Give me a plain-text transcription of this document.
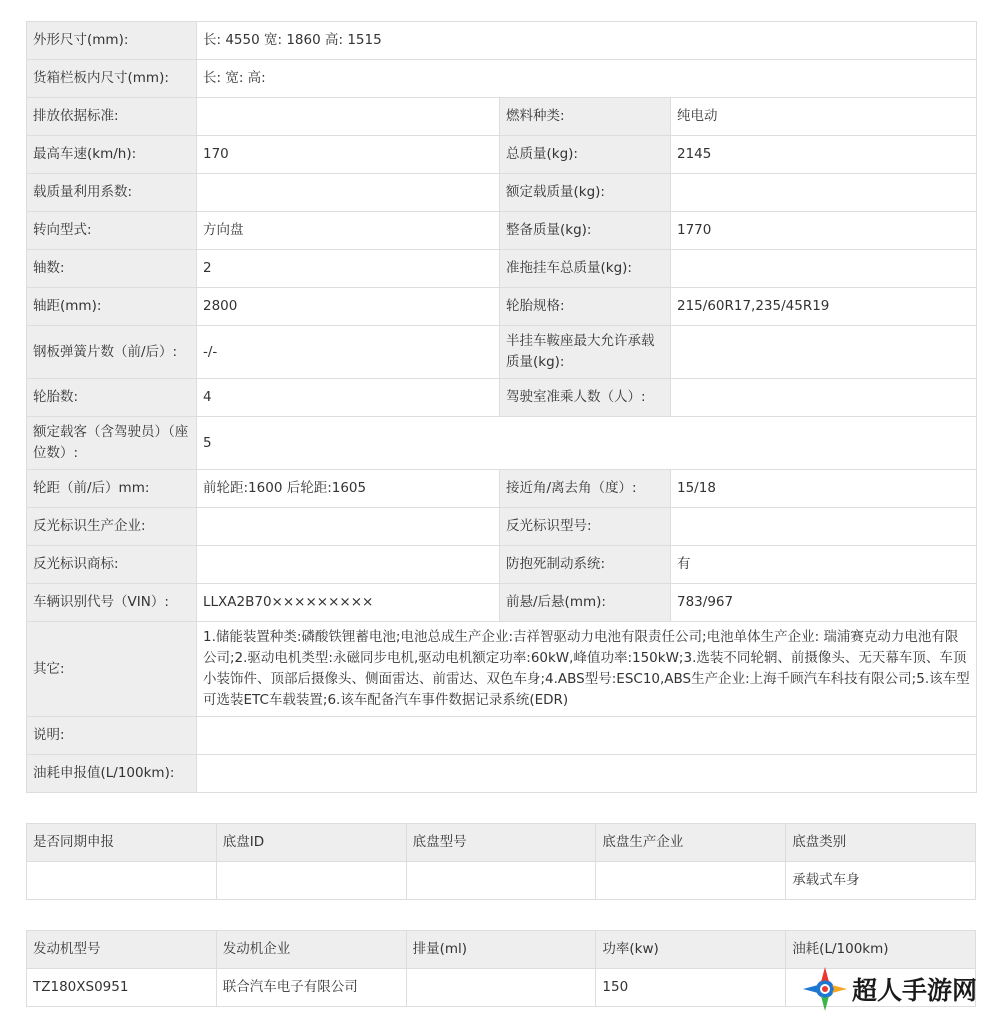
外形尺寸(mm):	长: 4550 宽: 1860 高: 1515		
货箱栏板内尺寸(mm):	长: 宽: 高:		
排放依据标准:		燃料种类:	纯电动
最高车速(km/h):	170	总质量(kg):	2145
载质量利用系数:		额定载质量(kg):	
转向型式:	方向盘	整备质量(kg):	1770
轴数:	2	准拖挂车总质量(kg):	
轴距(mm):	2800	轮胎规格:	215/60R17,235/45R19
钢板弹簧片数（前/后）:	-/-	半挂车鞍座最大允许承载质量(kg):	
轮胎数:	4	驾驶室准乘人数（人）:	
额定载客（含驾驶员）（座位数）:	5		
轮距（前/后）mm:	前轮距:1600 后轮距:1605	接近角/离去角（度）:	15/18
反光标识生产企业:		反光标识型号:	
反光标识商标:		防抱死制动系统:	有
车辆识别代号（VIN）:	LLXA2B70×××××××××	前悬/后悬(mm):	783/967
其它:	1.储能装置种类:磷酸铁锂蓄电池;电池总成生产企业:吉祥智驱动力电池有限责任公司;电池单体生产企业: 瑞浦赛克动力电池有限公司;2.驱动电机类型:永磁同步电机,驱动电机额定功率:60kW,峰值功率:150kW;3.选装不同轮辋、前摄像头、无天幕车顶、车顶小装饰件、顶部后摄像头、侧面雷达、前雷达、双色车身;4.ABS型号:ESC10,ABS生产企业:上海千顾汽车科技有限公司;5.该车型可选装ETC车载装置;6.该车配备汽车事件数据记录系统(EDR)		
说明:			
油耗申报值(L/100km):			
是否同期申报	底盘ID	底盘型号	底盘生产企业	底盘类别
				承载式车身
发动机型号	发动机企业	排量(ml)	功率(kw)	油耗(L/100km)
TZ180XS0951	联合汽车电子有限公司		150		超人手游网
